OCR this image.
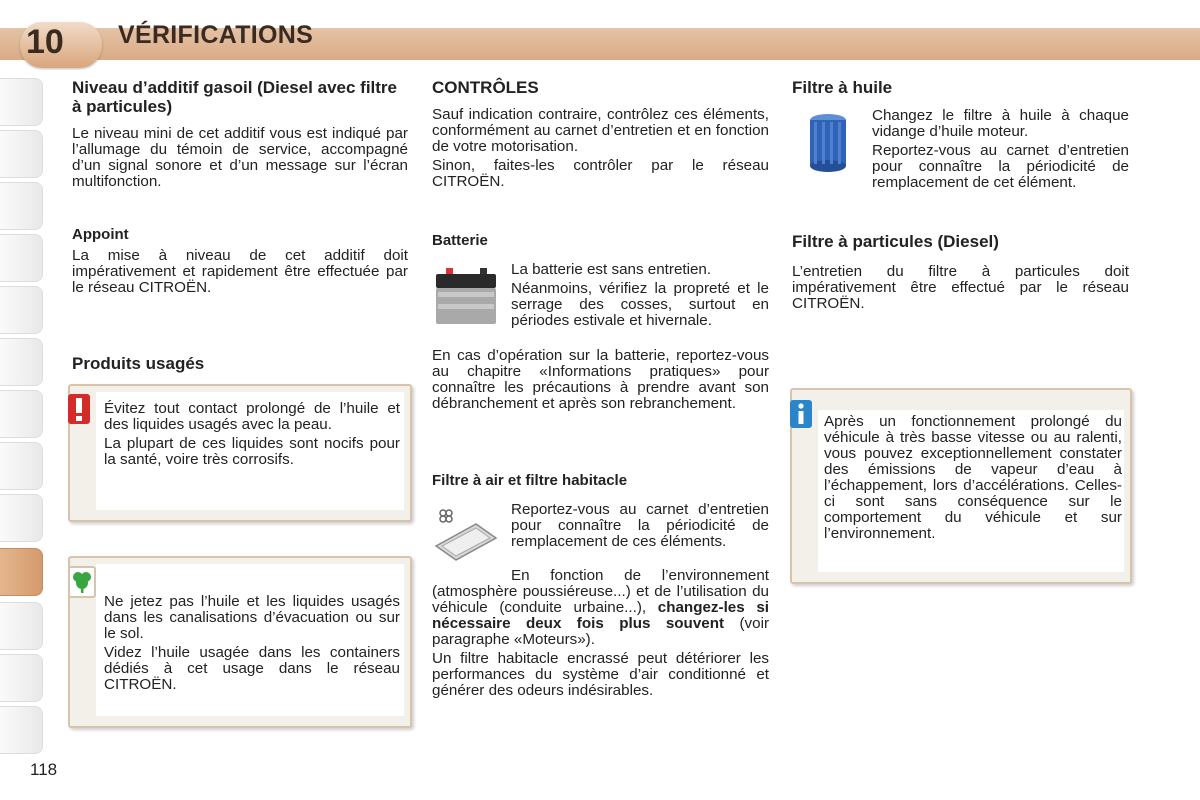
10 VÉRIFICATIONS
Niveau d’additif gasoil (Diesel avec filtre à particules)

Le niveau mini de cet additif vous est indiqué par l’allumage du témoin de service, accompagné d’un signal sonore et d’un message sur l’écran multifonction.

Appoint

La mise à niveau de cet additif doit impérativement et rapidement être effectuée par le réseau CITROËN.

Produits usagés

Évitez tout contact prolongé de l’huile et des liquides usagés avec la peau.

La plupart de ces liquides sont nocifs pour la santé, voire très corrosifs.

Ne jetez pas l’huile et les liquides usagés dans les canalisations d’évacuation ou sur le sol.

Videz l’huile usagée dans les containers dédiés à cet usage dans le réseau CITROËN.

CONTRÔLES

Sauf indication contraire, contrôlez ces éléments, conformément au carnet d’entretien et en fonction de votre motorisation.

Sinon, faites-les contrôler par le réseau CITROËN.

Batterie

La batterie est sans entretien.

Néanmoins, vérifiez la propreté et le serrage des cosses, surtout en périodes estivale et hivernale.

En cas d’opération sur la batterie, reportez-vous au chapitre «Informations pratiques» pour connaître les précautions à prendre avant son débranchement et après son rebranchement.

Filtre à air et filtre habitacle

Reportez-vous au carnet d’entretien pour connaître la périodicité de remplacement de ces éléments.

En fonction de l’environnement (atmosphère poussiéreuse...) et de l’utilisation du véhicule (conduite urbaine...), changez-les si nécessaire deux fois plus souvent (voir paragraphe «Moteurs»).

Un filtre habitacle encrassé peut détériorer les performances du système d’air conditionné et générer des odeurs indésirables.

Filtre à huile

Changez le filtre à huile à chaque vidange d’huile moteur.

Reportez-vous au carnet d’entretien pour connaître la périodicité de remplacement de cet élément.

Filtre à particules (Diesel)

L’entretien du filtre à particules doit impérativement être effectué par le réseau CITROËN.

Après un fonctionnement prolongé du véhicule à très basse vitesse ou au ralenti, vous pouvez exceptionnellement constater des émissions de vapeur d’eau à l’échappement, lors d’accélérations. Celles-ci sont sans conséquence sur le comportement du véhicule et sur l’environnement.

118
